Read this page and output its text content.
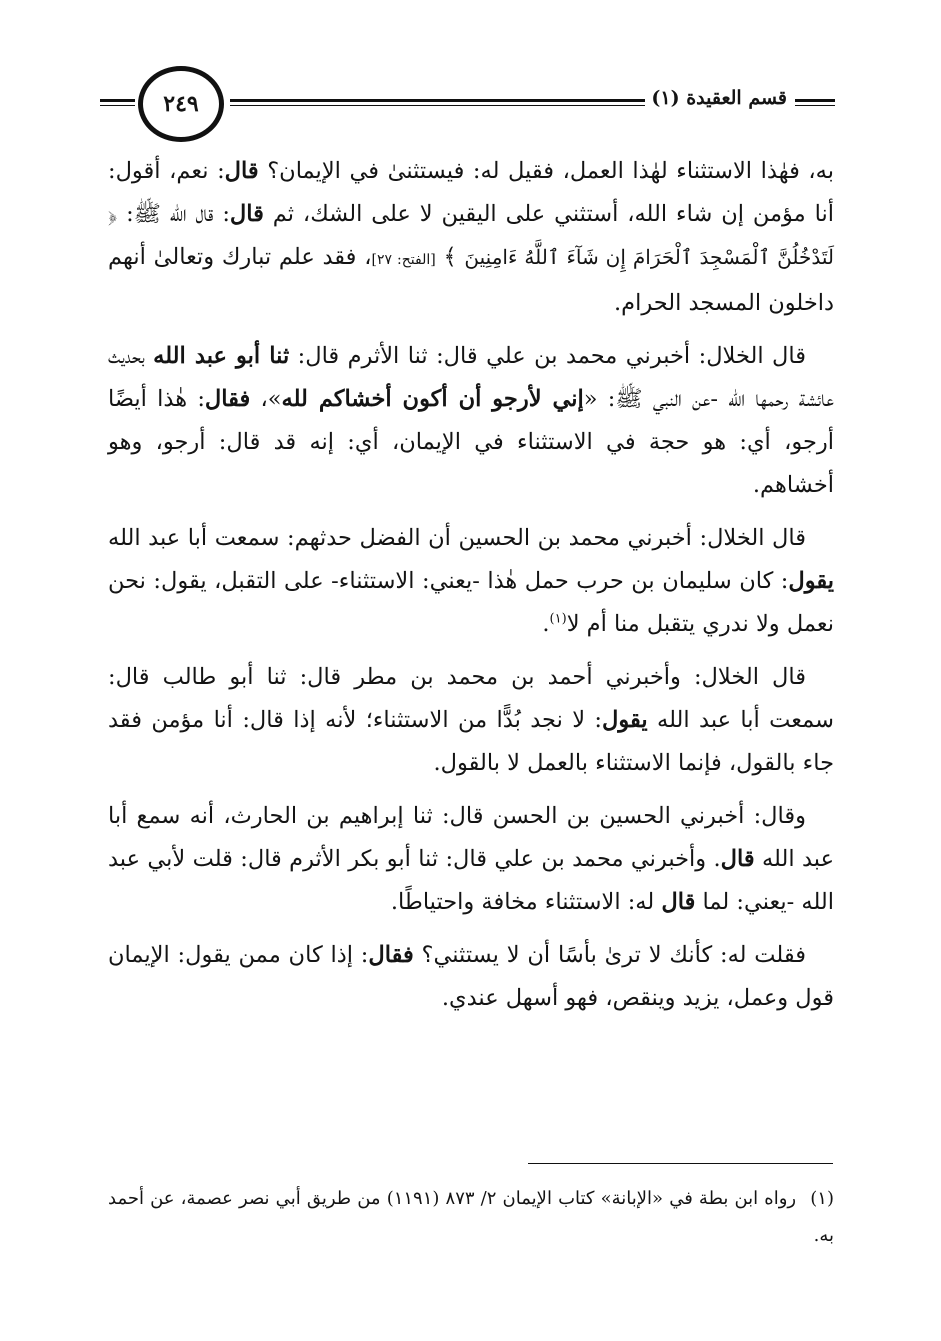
قسم العقيدة (١)
٢٤٩

به، فهٰذا الاستثناء لهٰذا العمل، فقيل له: فيستثنىٰ في الإيمان؟ قال: نعم، أقول: أنا مؤمن إن شاء الله، أستثني على اليقين لا على الشك، ثم قال: قال الله ﷺ: ﴿ لَتَدْخُلُنَّ ٱلْمَسْجِدَ ٱلْحَرَامَ إِن شَآءَ ٱللَّهُ ءَامِنِينَ ﴾ [الفتح: ٢٧]، فقد علم تبارك وتعالىٰ أنهم داخلون المسجد الحرام.

قال الخلال: أخبرني محمد بن علي قال: ثنا الأثرم قال: ثنا أبو عبد الله بحديث عائشة رحمها الله -عن النبي ﷺ: «إني لأرجو أن أكون أخشاكم لله»، فقال: هٰذا أيضًا أرجو، أي: هو حجة في الاستثناء في الإيمان، أي: إنه قد قال: أرجو، وهو أخشاهم.

قال الخلال: أخبرني محمد بن الحسين أن الفضل حدثهم: سمعت أبا عبد الله يقول: كان سليمان بن حرب حمل هٰذا -يعني: الاستثناء- على التقبل، يقول: نحن نعمل ولا ندري يتقبل منا أم لا$^{(١)}$.

قال الخلال: وأخبرني أحمد بن محمد بن مطر قال: ثنا أبو طالب قال: سمعت أبا عبد الله يقول: لا نجد بُدًّا من الاستثناء؛ لأنه إذا قال: أنا مؤمن فقد جاء بالقول، فإنما الاستثناء بالعمل لا بالقول.

وقال: أخبرني الحسين بن الحسن قال: ثنا إبراهيم بن الحارث، أنه سمع أبا عبد الله قال. وأخبرني محمد بن علي قال: ثنا أبو بكر الأثرم قال: قلت لأبي عبد الله -يعني: لما قال له: الاستثناء مخافة واحتياطًا.

فقلت له: كأنك لا ترىٰ بأسًا أن لا يستثني؟ فقال: إذا كان ممن يقول: الإيمان قول وعمل، يزيد وينقص، فهو أسهل عندي.

(١) رواه ابن بطة في «الإبانة» كتاب الإيمان ٢/ ٨٧٣ (١١٩١) من طريق أبي نصر عصمة، عن أحمد به.
